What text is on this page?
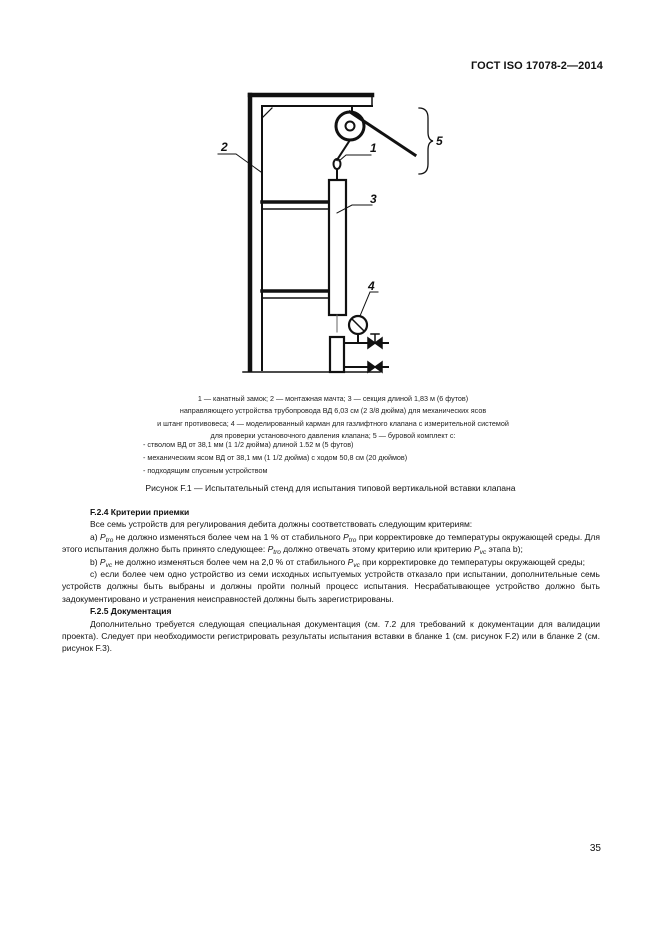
ГОСТ ISO 17078-2—2014
2	1
3
4
5
1 — канатный замок; 2 — монтажная мачта; 3 — секция длиной 1,83 м (6 футов)
направляющего устройства трубопровода ВД 6,03 см (2 3/8 дюйма) для механических ясов
и штанг противовеса; 4 — моделированный карман для газлифтного клапана с измерительной системой
для проверки установочного давления клапана; 5 — буровой комплект с:
- стволом ВД от 38,1 мм (1 1/2 дюйма) длиной 1.52 м (5 футов)
- механическим ясом ВД от 38,1 мм (1 1/2 дюйма) с ходом 50,8 см (20 дюймов)
- подходящим спускным устройством
Рисунок F.1 — Испытательный стенд для испытания типовой вертикальной вставки клапана
F.2.4 Критерии приемки

Все семь устройств для регулирования дебита должны соответствовать следующим критериям:

а) $P_{tro}$ не должно изменяться более чем на 1 % от стабильного $P_{tro}$ при корректировке до температуры окружающей среды. Для этого испытания должно быть принято следующее: $P_{tro}$ должно отвечать этому критерию или критерию $P_{vc}$ этапа b);

b) $P_{vc}$ не должно изменяться более чем на 2,0 % от стабильного $P_{vc}$ при корректировке до температуры окружающей среды;

с) если более чем одно устройство из семи исходных испытуемых устройств отказало при испытании, дополнительные семь устройств должны быть выбраны и должны пройти полный процесс испытания. Несрабатывающее устройство должно быть задокументировано и устранения неисправностей должны быть зарегистрированы.

F.2.5 Документация

Дополнительно требуется следующая специальная документация (см. 7.2 для требований к документации для валидации проекта). Следует при необходимости регистрировать результаты испытания вставки в бланке 1 (см. рисунок F.2) или в бланке 2 (см. рисунок F.3).

35
